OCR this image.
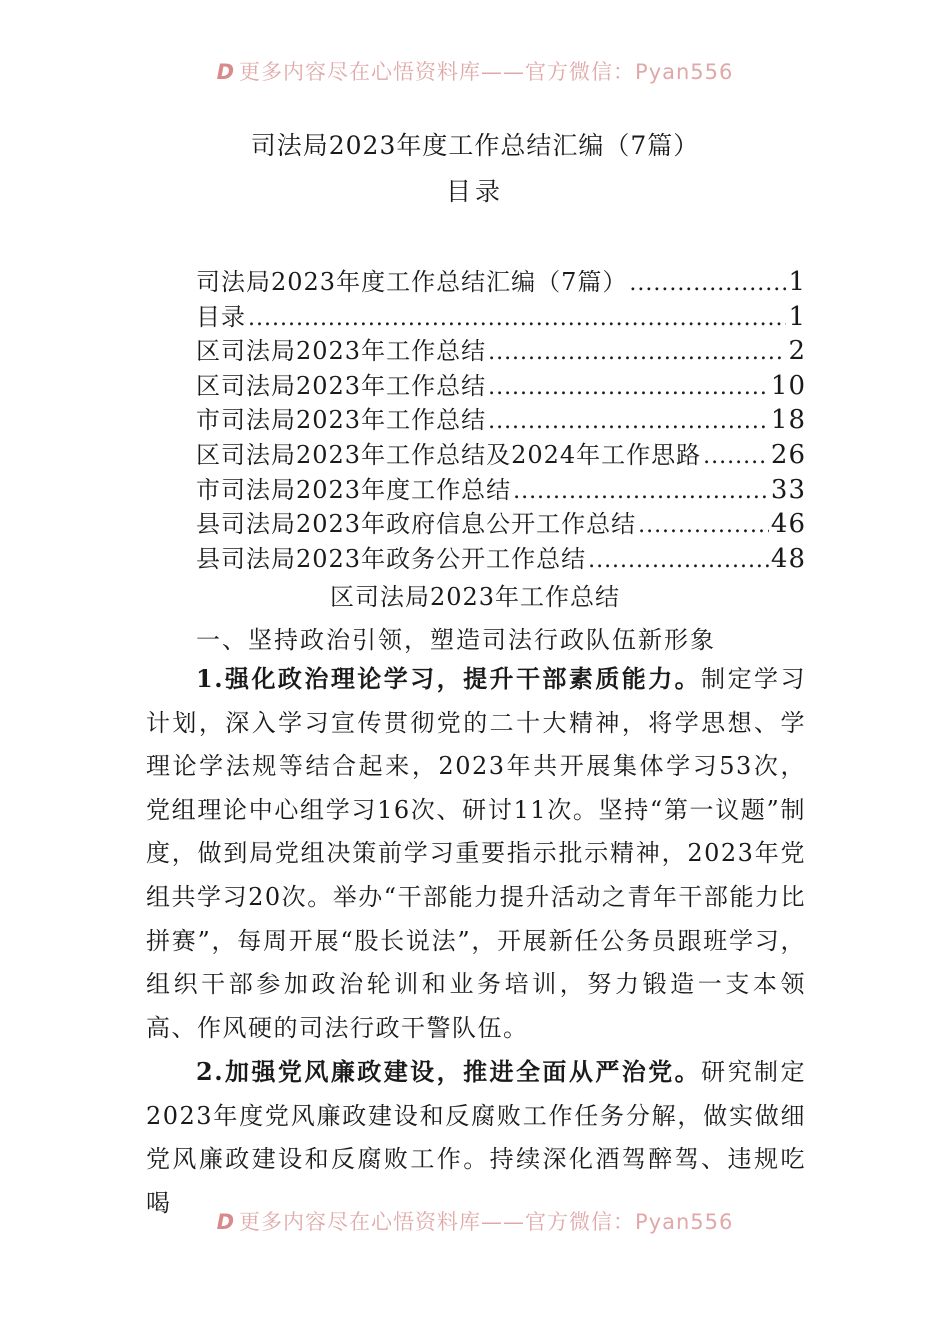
D 更多内容尽在心悟资料库——官方微信：Pyan556
司法局2023年度工作总结汇编（7篇）
目录
司法局2023年度工作总结汇编（7篇） .....	1
目录 .....	1
区司法局2023年工作总结 .....	2
区司法局2023年工作总结 .....	10
市司法局2023年工作总结 .....	18
区司法局2023年工作总结及2024年工作思路 .....	26
市司法局2023年度工作总结 .....	33
县司法局2023年政府信息公开工作总结 .....	46
县司法局2023年政务公开工作总结 .....	48
区司法局2023年工作总结
一、坚持政治引领，塑造司法行政队伍新形象

1.强化政治理论学习，提升干部素质能力。制定学习计划，深入学习宣传贯彻党的二十大精神，将学思想、学理论学法规等结合起来，2023年共开展集体学习53次，党组理论中心组学习16次、研讨11次。坚持“第一议题”制度，做到局党组决策前学习重要指示批示精神，2023年党组共学习20次。举办“干部能力提升活动之青年干部能力比拼赛”，每周开展“股长说法”，开展新任公务员跟班学习，组织干部参加政治轮训和业务培训，努力锻造一支本领高、作风硬的司法行政干警队伍。

2.加强党风廉政建设，推进全面从严治党。研究制定2023年度党风廉政建设和反腐败工作任务分解，做实做细党风廉政建设和反腐败工作。持续深化酒驾醉驾、违规吃喝

D 更多内容尽在心悟资料库——官方微信：Pyan556
